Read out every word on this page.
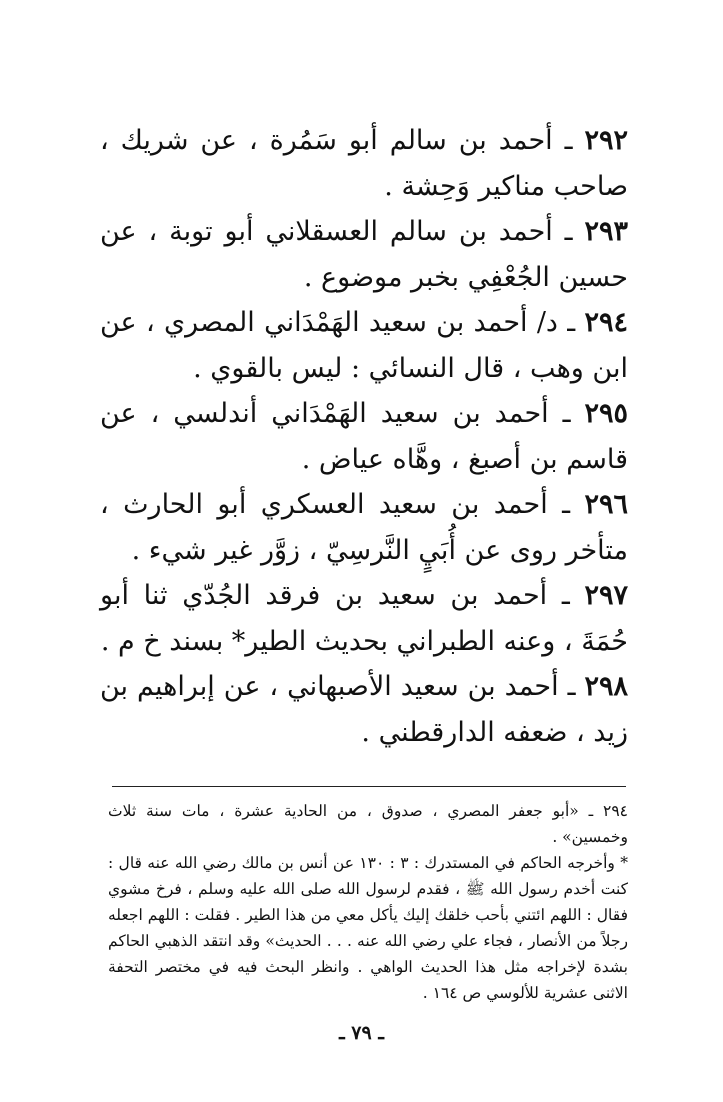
٢٩٢ ـ أحمد بن سالم أبو سَمُرة ، عن شريك ، صاحب مناكير وَحِشة .

٢٩٣ ـ أحمد بن سالم العسقلاني أبو توبة ، عن حسين الجُعْفِي بخبر موضوع .

٢٩٤ ـ د/ أحمد بن سعيد الهَمْدَاني المصري ، عن ابن وهب ، قال النسائي : ليس بالقوي .

٢٩٥ ـ أحمد بن سعيد الهَمْدَاني أندلسي ، عن قاسم بن أصبغ ، وهَّاه عياض .

٢٩٦ ـ أحمد بن سعيد العسكري أبو الحارث ، متأخر روى عن أُبَيٍ النَّرسِيّ ، زوَّر غير شيء .

٢٩٧ ـ أحمد بن سعيد بن فرقد الجُدّي ثنا أبو حُمَةَ ، وعنه الطبراني بحديث الطير* بسند خ م .

٢٩٨ ـ أحمد بن سعيد الأصبهاني ، عن إبراهيم بن زيد ، ضعفه الدارقطني .

٢٩٤ ـ «أبو جعفر المصري ، صدوق ، من الحادية عشرة ، مات سنة ثلاث وخمسين» .

* وأخرجه الحاكم في المستدرك : ٣ : ١٣٠ عن أنس بن مالك رضي الله عنه قال : كنت أخدم رسول الله ﷺ ، فقدم لرسول الله صلى الله عليه وسلم ، فرخ مشوي فقال : اللهم ائتني بأحب خلقك إليك يأكل معي من هذا الطير . فقلت : اللهم اجعله رجلاً من الأنصار ، فجاء علي رضي الله عنه . . . الحديث» وقد انتقد الذهبي الحاكم بشدة لإخراجه مثل هذا الحديث الواهي . وانظر البحث فيه في مختصر التحفة الاثنى عشرية للألوسي ص ١٦٤ .

ـ ٧٩ ـ
